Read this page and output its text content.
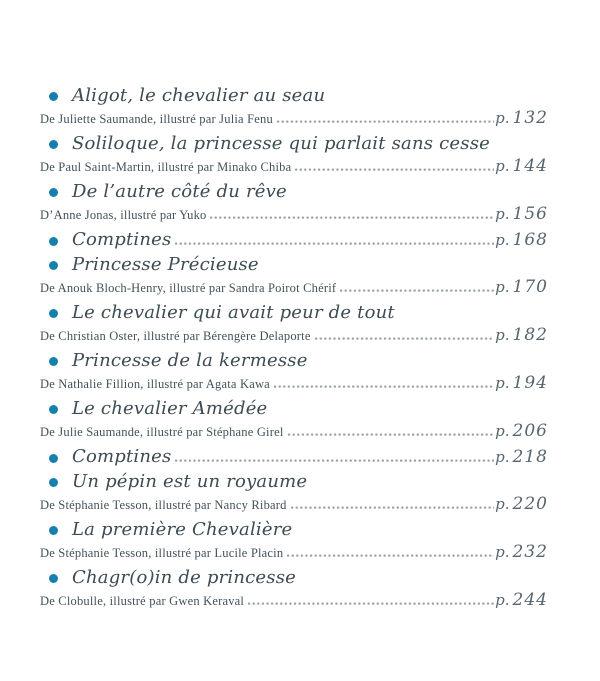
Aligot, le chevalier au seau
De Juliette Saumande, illustré par Julia Fenu	p. 132
Soliloque, la princesse qui parlait sans cesse
De Paul Saint-Martin, illustré par Minako Chiba	p. 144
De l’autre côté du rêve
D’Anne Jonas, illustré par Yuko	p. 156
Comptines	p. 168
Princesse Précieuse
De Anouk Bloch-Henry, illustré par Sandra Poirot Chérif	p. 170
Le chevalier qui avait peur de tout
De Christian Oster, illustré par Bérengère Delaporte	p. 182
Princesse de la kermesse
De Nathalie Fillion, illustré par Agata Kawa	p. 194
Le chevalier Amédée
De Julie Saumande, illustré par Stéphane Girel	p. 206
Comptines	p. 218
Un pépin est un royaume
De Stéphanie Tesson, illustré par Nancy Ribard	p. 220
La première Chevalière
De Stéphanie Tesson, illustré par Lucile Placin	p. 232
Chagr(o)in de princesse
De Clobulle, illustré par Gwen Keraval	p. 244
